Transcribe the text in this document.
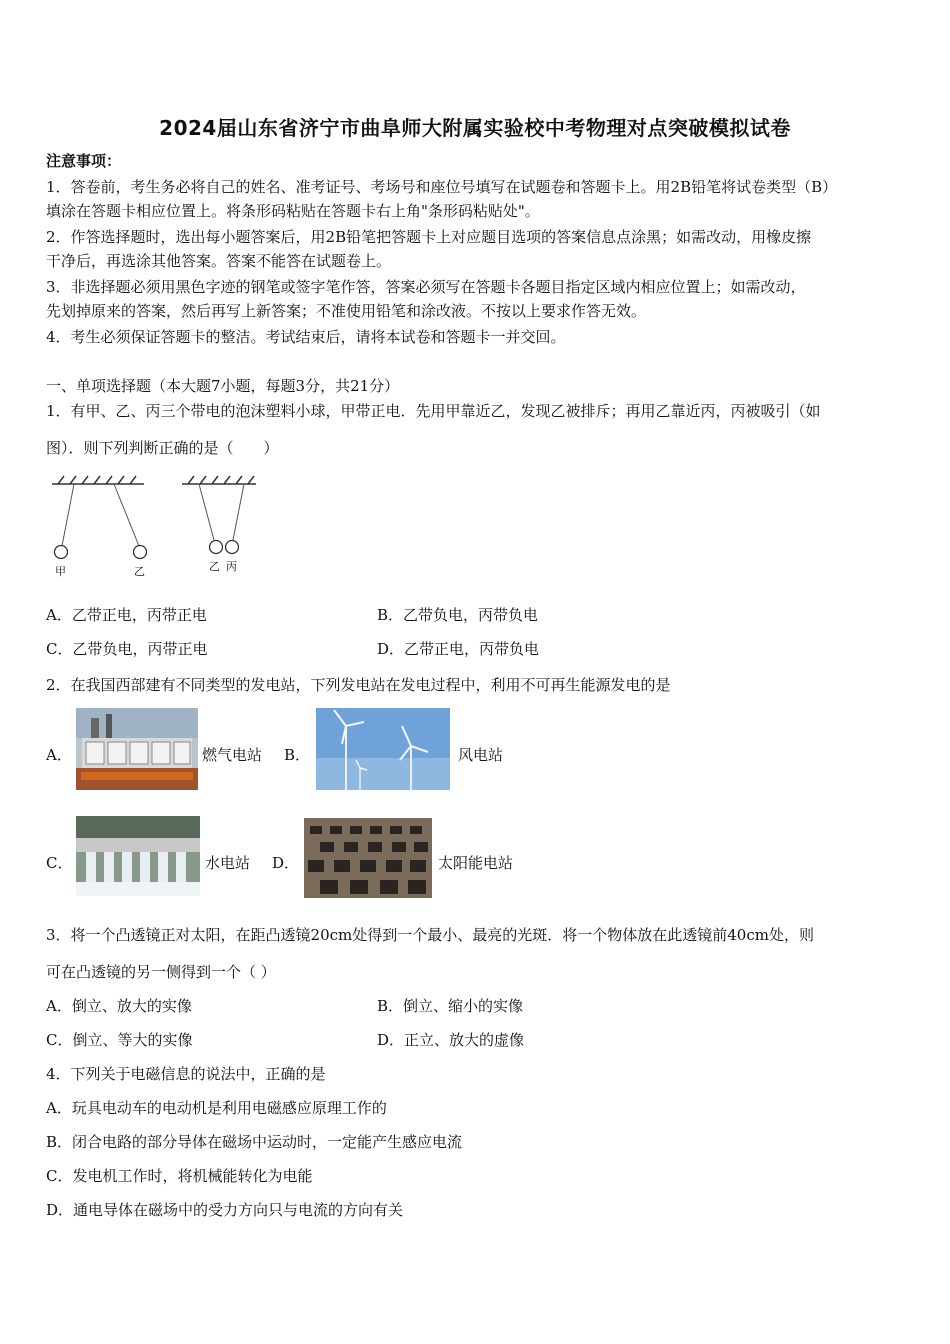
2024届山东省济宁市曲阜师大附属实验校中考物理对点突破模拟试卷
注意事项：
1．答卷前，考生务必将自己的姓名、准考证号、考场号和座位号填写在试题卷和答题卡上。用2B铅笔将试卷类型（B）
填涂在答题卡相应位置上。将条形码粘贴在答题卡右上角"条形码粘贴处"。
2．作答选择题时，选出每小题答案后，用2B铅笔把答题卡上对应题目选项的答案信息点涂黑；如需改动，用橡皮擦
干净后，再选涂其他答案。答案不能答在试题卷上。
3．非选择题必须用黑色字迹的钢笔或签字笔作答，答案必须写在答题卡各题目指定区域内相应位置上；如需改动，
先划掉原来的答案，然后再写上新答案；不准使用铅笔和涂改液。不按以上要求作答无效。
4．考生必须保证答题卡的整洁。考试结束后，请将本试卷和答题卡一并交回。
一、单项选择题（本大题7小题，每题3分，共21分）
1．有甲、乙、丙三个带电的泡沫塑料小球，甲带正电．先用甲靠近乙，发现乙被排斥；再用乙靠近丙，丙被吸引（如
图）．则下列判断正确的是（　　）
甲	乙	乙 丙
A．乙带正电，丙带正电	B．乙带负电，丙带负电
C．乙带负电，丙带正电	D．乙带正电，丙带负电
2．在我国西部建有不同类型的发电站，下列发电站在发电过程中，利用不可再生能源发电的是
A．	燃气电站 B．	风电站
C．	水电站 D．	太阳能电站
3．将一个凸透镜正对太阳，在距凸透镜20cm处得到一个最小、最亮的光斑．将一个物体放在此透镜前40cm处，则
可在凸透镜的另一侧得到一个（ ）
A．倒立、放大的实像	B．倒立、缩小的实像
C．倒立、等大的实像	D．正立、放大的虚像
4．下列关于电磁信息的说法中，正确的是
A．玩具电动车的电动机是利用电磁感应原理工作的
B．闭合电路的部分导体在磁场中运动时，一定能产生感应电流
C．发电机工作时，将机械能转化为电能
D．通电导体在磁场中的受力方向只与电流的方向有关
